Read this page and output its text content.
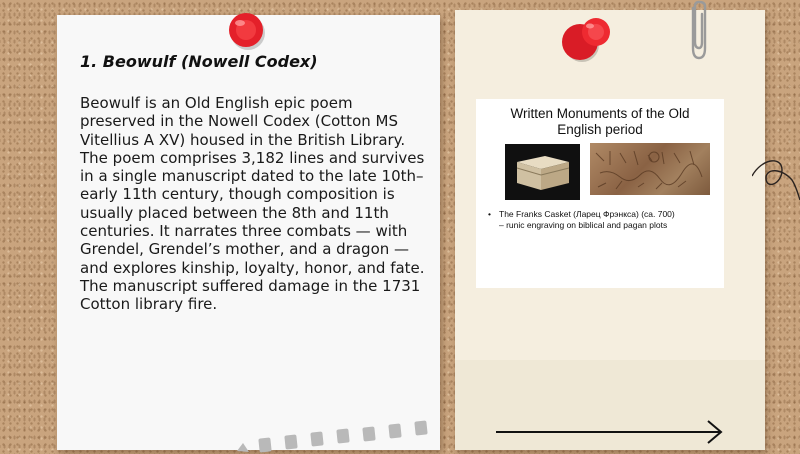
1. Beowulf (Nowell Codex)

Beowulf is an Old English epic poem preserved in the Nowell Codex (Cotton MS Vitellius A XV) housed in the British Library. The poem comprises 3,182 lines and survives in a single manuscript dated to the late 10th–early 11th century, though composition is usually placed between the 8th and 11th centuries. It narrates three combats — with Grendel, Grendel’s mother, and a dragon — and explores kinship, loyalty, honor, and fate. The manuscript suffered damage in the 1731 Cotton library fire.

Written Monuments of the Old
English period
• The Franks Casket (Ларец Фрэнкса) (ca. 700)
– runic engraving on biblical and pagan plots
